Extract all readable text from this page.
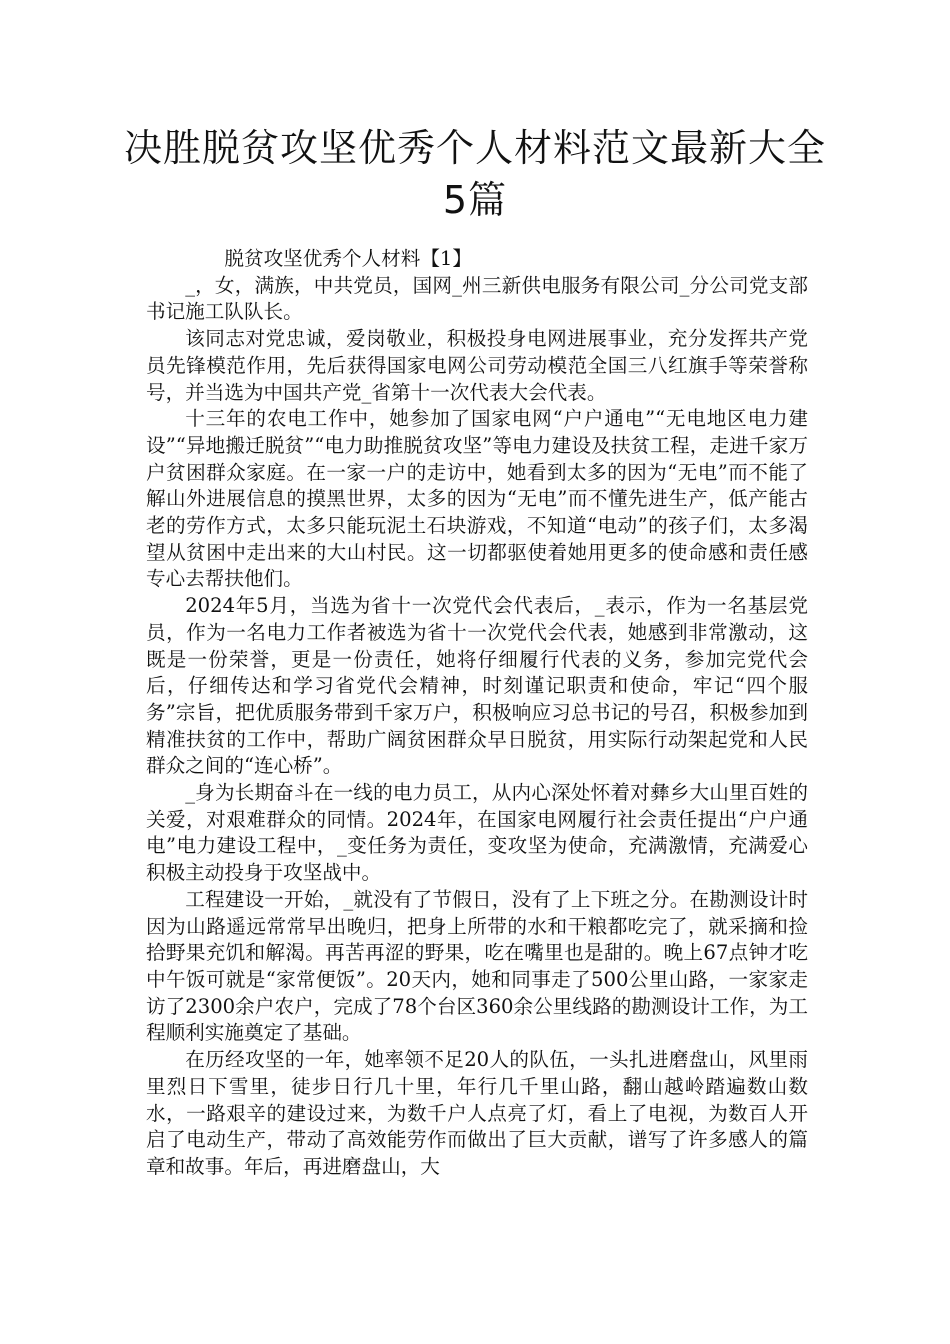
决胜脱贫攻坚优秀个人材料范文最新大全5篇

脱贫攻坚优秀个人材料【1】

_，女，满族，中共党员，国网_州三新供电服务有限公司_分公司党支部书记施工队队长。

该同志对党忠诚，爱岗敬业，积极投身电网进展事业，充分发挥共产党员先锋模范作用，先后获得国家电网公司劳动模范全国三八红旗手等荣誉称号，并当选为中国共产党_省第十一次代表大会代表。

十三年的农电工作中，她参加了国家电网“户户通电”“无电地区电力建设”“异地搬迁脱贫”“电力助推脱贫攻坚”等电力建设及扶贫工程，走进千家万户贫困群众家庭。在一家一户的走访中，她看到太多的因为“无电”而不能了解山外进展信息的摸黑世界，太多的因为“无电”而不懂先进生产，低产能古老的劳作方式，太多只能玩泥土石块游戏，不知道“电动”的孩子们，太多渴望从贫困中走出来的大山村民。这一切都驱使着她用更多的使命感和责任感专心去帮扶他们。

2024年5月，当选为省十一次党代会代表后，_表示，作为一名基层党员，作为一名电力工作者被选为省十一次党代会代表，她感到非常激动，这既是一份荣誉，更是一份责任，她将仔细履行代表的义务，参加完党代会后，仔细传达和学习省党代会精神，时刻谨记职责和使命，牢记“四个服务”宗旨，把优质服务带到千家万户，积极响应习总书记的号召，积极参加到精准扶贫的工作中，帮助广阔贫困群众早日脱贫，用实际行动架起党和人民群众之间的“连心桥”。

_身为长期奋斗在一线的电力员工，从内心深处怀着对彝乡大山里百姓的关爱，对艰难群众的同情。2024年，在国家电网履行社会责任提出“户户通电”电力建设工程中，_变任务为责任，变攻坚为使命，充满激情，充满爱心积极主动投身于攻坚战中。

工程建设一开始，_就没有了节假日，没有了上下班之分。在勘测设计时因为山路遥远常常早出晚归，把身上所带的水和干粮都吃完了，就采摘和捡拾野果充饥和解渴。再苦再涩的野果，吃在嘴里也是甜的。晚上67点钟才吃中午饭可就是“家常便饭”。20天内，她和同事走了500公里山路，一家家走访了2300余户农户，完成了78个台区360余公里线路的勘测设计工作，为工程顺利实施奠定了基础。

在历经攻坚的一年，她率领不足20人的队伍，一头扎进磨盘山，风里雨里烈日下雪里，徒步日行几十里，年行几千里山路，翻山越岭踏遍数山数水，一路艰辛的建设过来，为数千户人点亮了灯，看上了电视，为数百人开启了电动生产，带动了高效能劳作而做出了巨大贡献，谱写了许多感人的篇章和故事。年后，再进磨盘山，大
